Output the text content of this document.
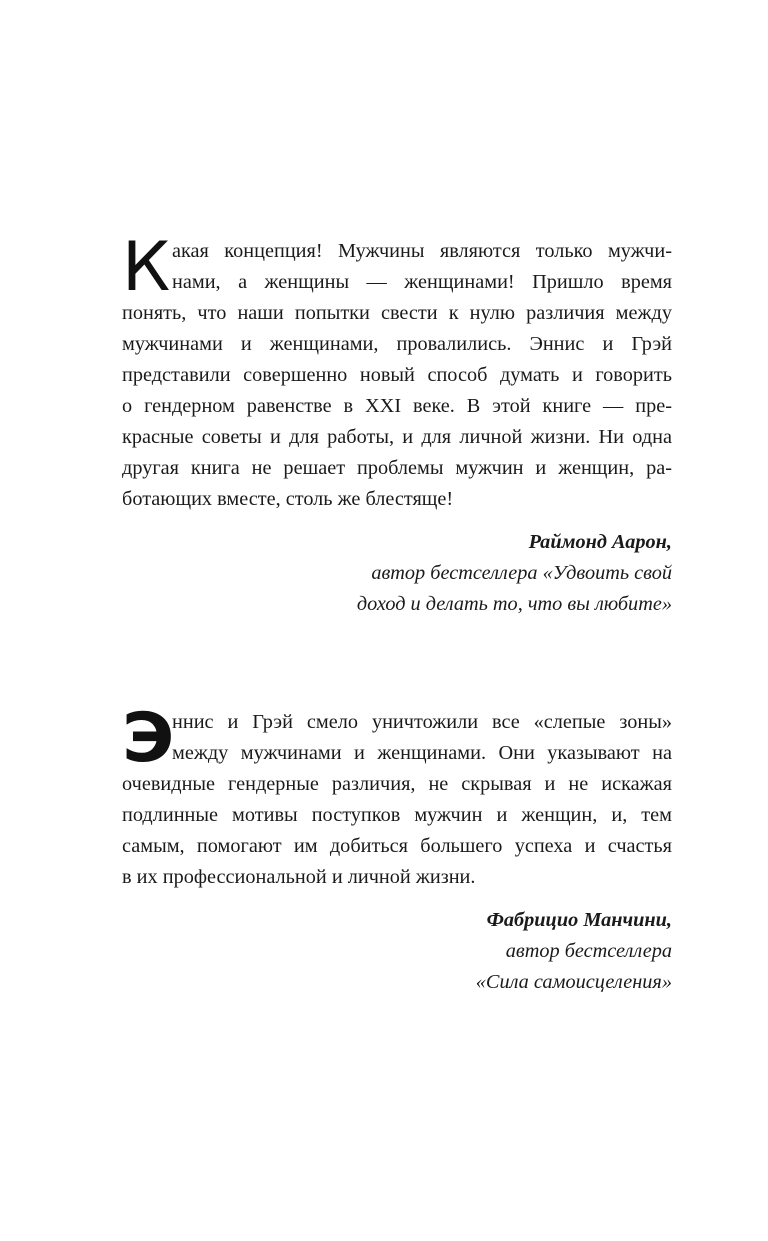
К акая концепция! Мужчины являются только мужчи-
нами, а женщины — женщинами! Пришло время
понять, что наши попытки свести к нулю различия между
мужчинами и женщинами, провалились. Эннис и Грэй
представили совершенно новый способ думать и говорить
о гендерном равенстве в XXI веке. В этой книге — пре-
красные советы и для работы, и для личной жизни. Ни одна
другая книга не решает проблемы мужчин и женщин, ра-
ботающих вместе, столь же блестяще!
Раймонд Аарон,
автор бестселлера «Удвоить свой
доход и делать то, что вы любите»
Э ннис и Грэй смело уничтожили все «слепые зоны»
между мужчинами и женщинами. Они указывают на
очевидные гендерные различия, не скрывая и не искажая
подлинные мотивы поступков мужчин и женщин, и, тем
самым, помогают им добиться большего успеха и счастья
в их профессиональной и личной жизни.
Фабрицио Манчини,
автор бестселлера
«Сила самоисцеления»
